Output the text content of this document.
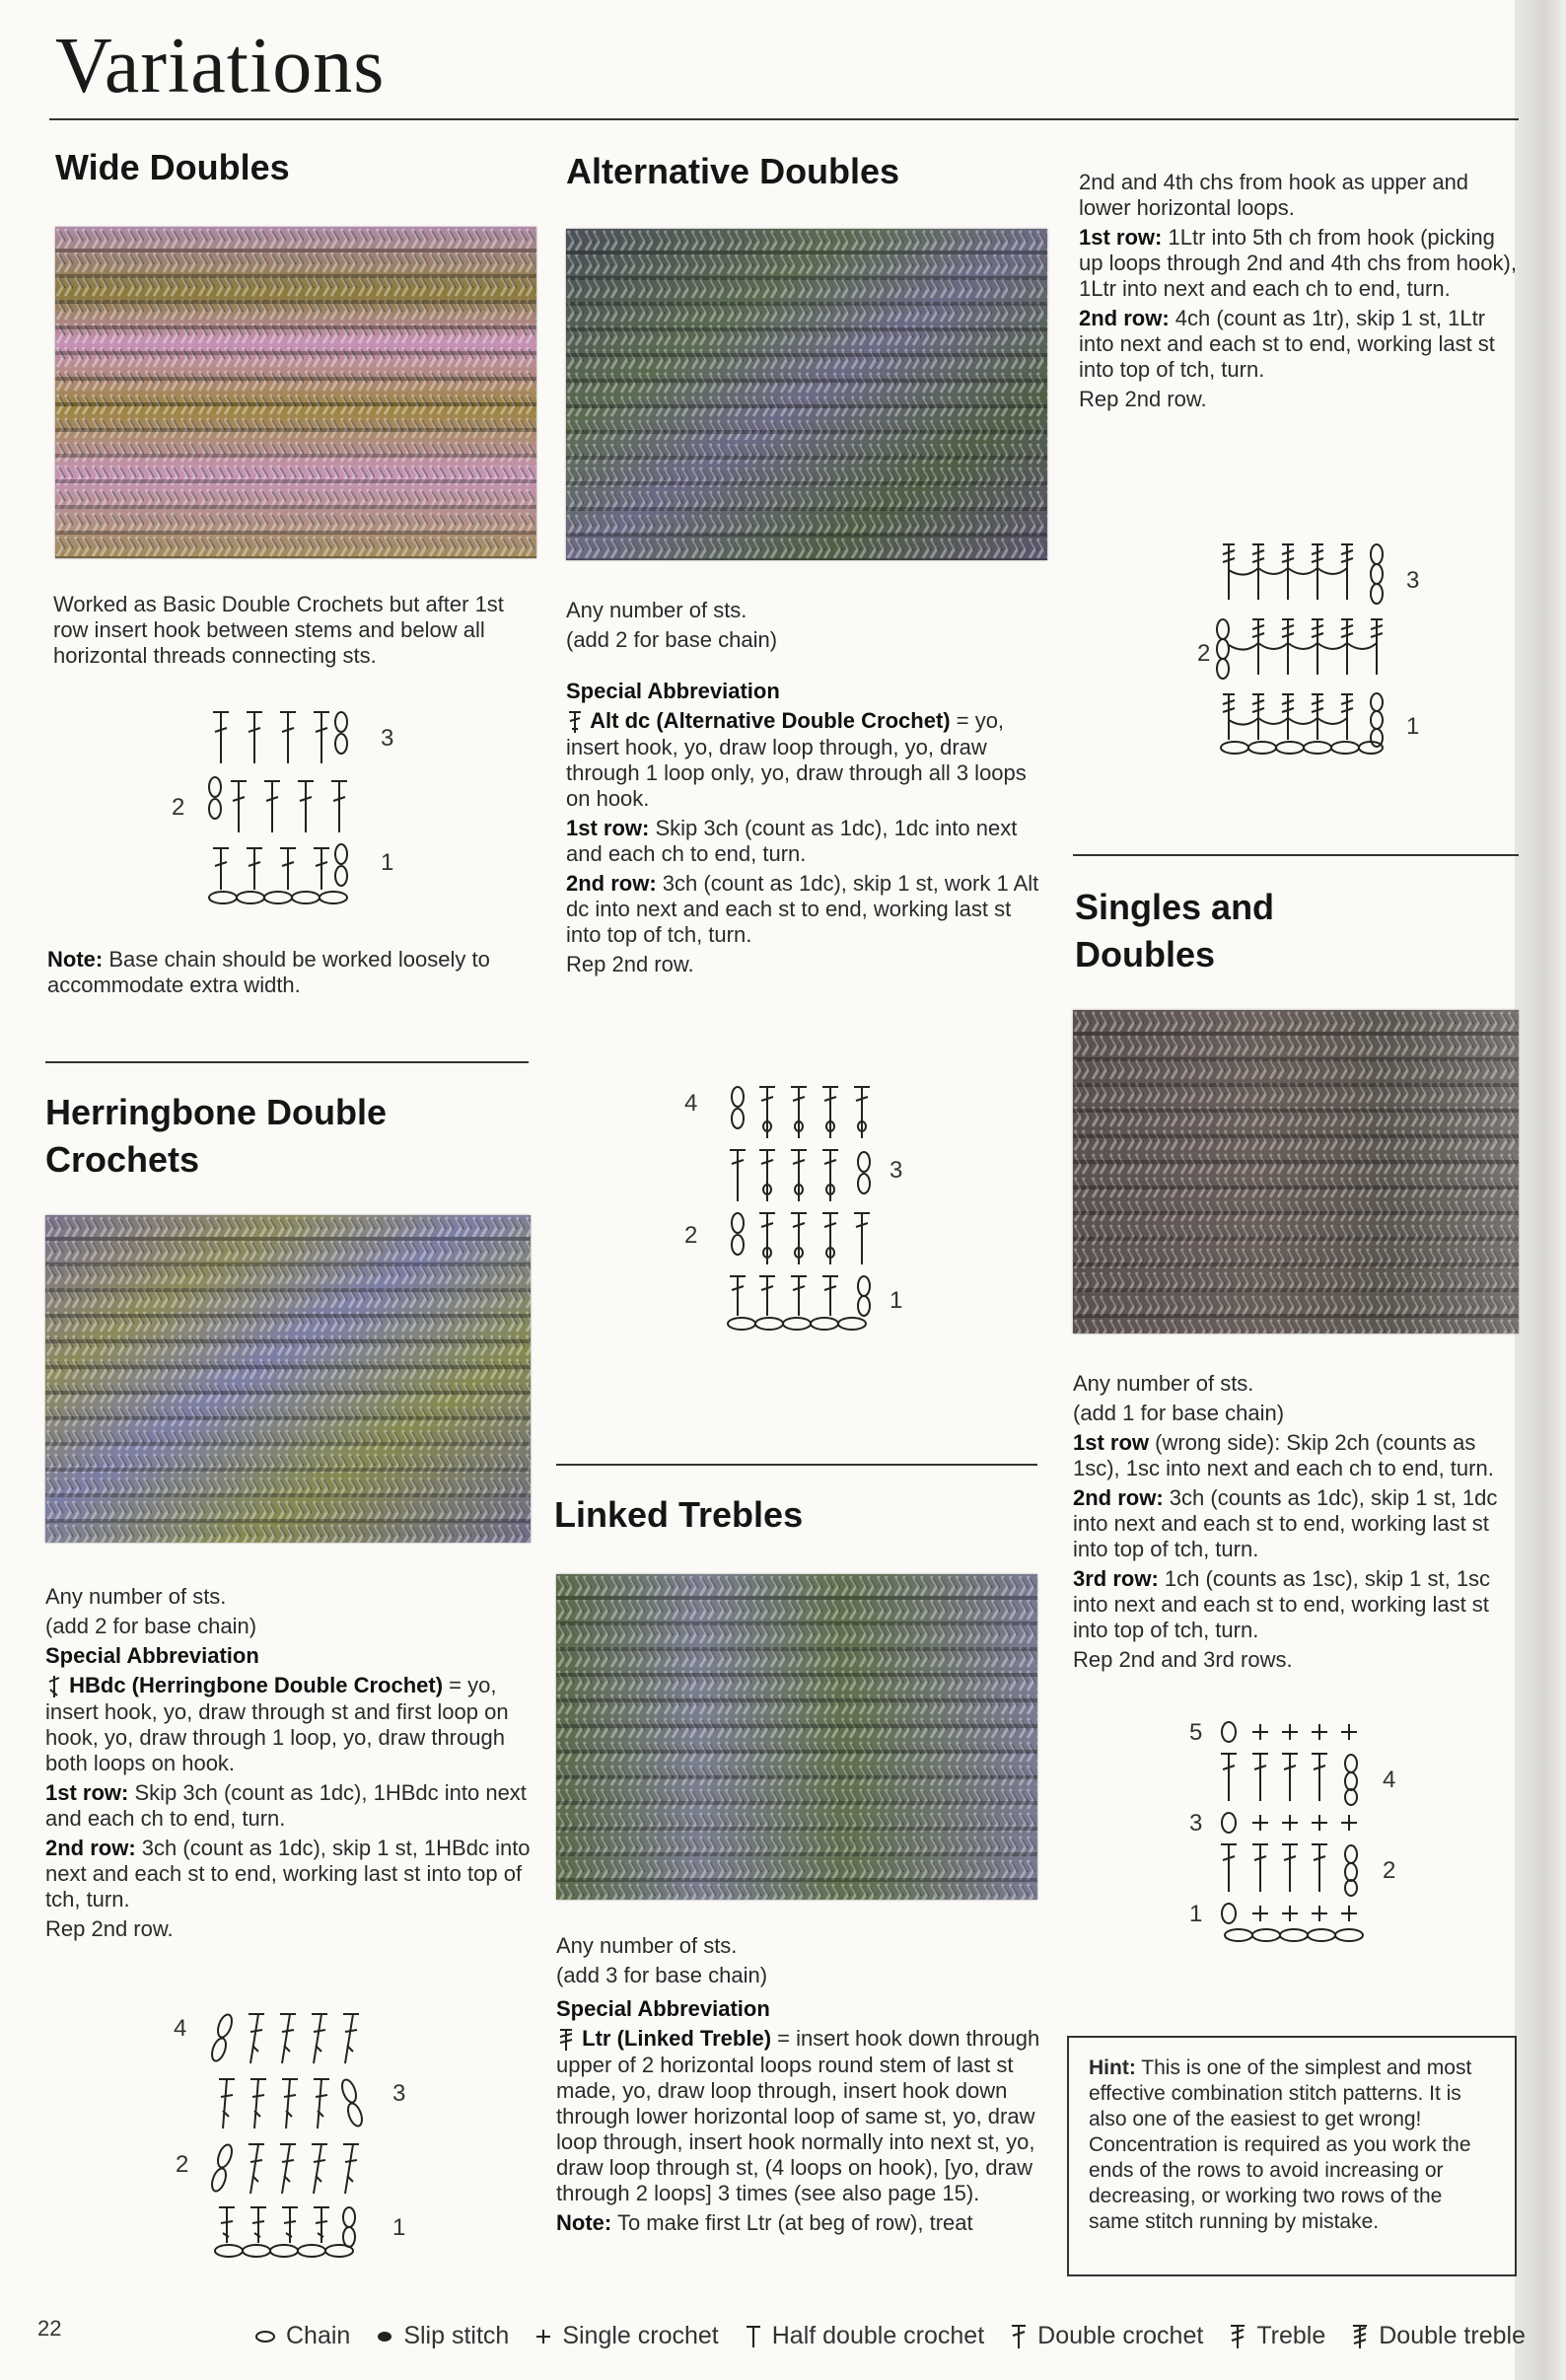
Variations
Wide Doubles

Worked as Basic Double Crochets but after 1st row insert hook between stems and below all horizontal threads connecting sts.

3
2
1

Note: Base chain should be worked loosely to accommodate extra width.

Herringbone Double
Crochets

Any number of sts.

(add 2 for base chain)

Special Abbreviation

HBdc (Herringbone Double Crochet) = yo, insert hook, yo, draw through st and first loop on hook, yo, draw through 1 loop, yo, draw through both loops on hook.

1st row: Skip 3ch (count as 1dc), 1HBdc into next and each ch to end, turn.

2nd row: 3ch (count as 1dc), skip 1 st, 1HBdc into next and each st to end, working last st into top of tch, turn.

Rep 2nd row.

4
3
2
1
Alternative Doubles

Any number of sts.

(add 2 for base chain)

Special Abbreviation

Alt dc (Alternative Double Crochet) = yo, insert hook, yo, draw loop through, yo, draw through 1 loop only, yo, draw through all 3 loops on hook.

1st row: Skip 3ch (count as 1dc), 1dc into next and each ch to end, turn.

2nd row: 3ch (count as 1dc), skip 1 st, work 1 Alt dc into next and each st to end, working last st into top of tch, turn.

Rep 2nd row.

4
3
2
1
Linked Trebles

Any number of sts.

(add 3 for base chain)

Special Abbreviation

Ltr (Linked Treble) = insert hook down through upper of 2 horizontal loops round stem of last st made, yo, draw loop through, insert hook down through lower horizontal loop of same st, yo, draw loop through, insert hook normally into next st, yo, draw loop through st, (4 loops on hook), [yo, draw through 2 loops] 3 times (see also page 15).

Note: To make first Ltr (at beg of row), treat

2nd and 4th chs from hook as upper and lower horizontal loops.

1st row: 1Ltr into 5th ch from hook (picking up loops through 2nd and 4th chs from hook), 1Ltr into next and each ch to end, turn.

2nd row: 4ch (count as 1tr), skip 1 st, 1Ltr into next and each st to end, working last st into top of tch, turn.

Rep 2nd row.

3
2
1
Singles and
Doubles

Any number of sts.

(add 1 for base chain)

1st row (wrong side): Skip 2ch (counts as 1sc), 1sc into next and each ch to end, turn.

2nd row: 3ch (counts as 1dc), skip 1 st, 1dc into next and each st to end, working last st into top of tch, turn.

3rd row: 1ch (counts as 1sc), skip 1 st, 1sc into next and each st to end, working last st into top of tch, turn.

Rep 2nd and 3rd rows.

5
4
3
2
1
Hint: This is one of the simplest and most effective combination stitch patterns. It is also one of the easiest to get wrong! Concentration is required as you work the ends of the rows to avoid increasing or decreasing, or working two rows of the same stitch running by mistake.
22	Chain Slip stitch Single crochet Half double crochet Double crochet Treble Double treble
